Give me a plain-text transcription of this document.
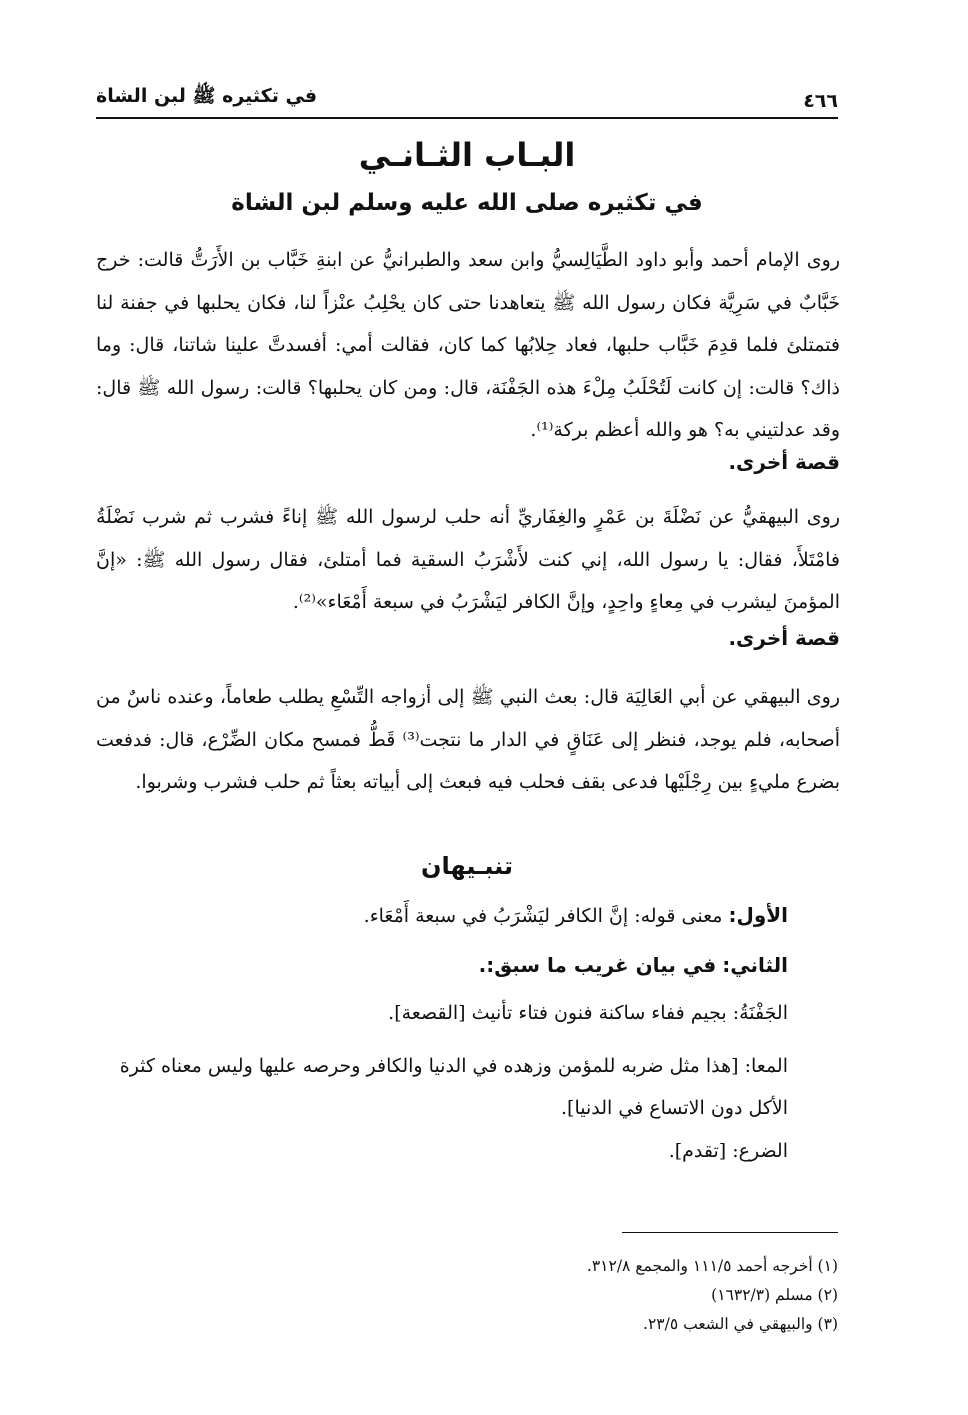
٤٦٦
في تكثيره ﷺ لبن الشاة
البـاب الثـانـي
في تكثيره صلى الله عليه وسلم لبن الشاة

روى الإمام أحمد وأبو داود الطَّيَالِسيُّ وابن سعد والطبرانيُّ عن ابنةِ خَبَّاب بن الأَرَتُّ قالت: خرج خَبَّابٌ في سَرِيَّة فكان رسول الله ﷺ يتعاهدنا حتى كان يحْلِبُ عنْزاً لنا، فكان يحلبها في جفنة لنا فتمتلئ فلما قدِمَ خَبَّاب حلبها، فعاد حِلابُها كما كان، فقالت أمي: أفسدتَّ علينا شاتنا، قال: وما ذاك؟ قالت: إن كانت لَتُحْلَبُ مِلْءَ هذه الجَفْنَة، قال: ومن كان يحلبها؟ قالت: رسول الله ﷺ قال: وقد عدلتيني به؟ هو والله أعظم بركة⁽¹⁾.

قصة أخرى.

روى البيهقيُّ عن نَضْلَةَ بن عَمْرٍ والغِفَاريِّ أنه حلب لرسول الله ﷺ إناءً فشرب ثم شرب نَضْلَةُ فامْتَلأَ، فقال: يا رسول الله، إني كنت لأَشْرَبُ السقية فما أمتلئ، فقال رسول الله ﷺ: «إنَّ المؤمنَ ليشرب في مِعاءٍ واحِدٍ، وإنَّ الكافر ليَشْرَبُ في سبعة أَمْعَاء»⁽²⁾.

قصة أخرى.

روى البيهقي عن أبي العَالِيَة قال: بعث النبي ﷺ إلى أزواجه التِّسْعِ يطلب طعاماً، وعنده ناسٌ من أصحابه، فلم يوجد، فنظر إلى عَنَاقٍ في الدار ما نتجت⁽³⁾ قَطُّ فمسح مكان الضِّرْع، قال: فدفعت بضرع مليءٍ بين رِجْلَيْها فدعى بقف فحلب فيه فبعث إلى أبياته بعثاً ثم حلب فشرب وشربوا.

تنبـيهان

الأول: معنى قوله: إنَّ الكافر ليَشْرَبُ في سبعة أَمْعَاء.

الثاني: في بيان غريب ما سبق:.

الجَفْنَةُ: بجيم ففاء ساكنة فنون فتاء تأنيث [القصعة].

المعا: [هذا مثل ضربه للمؤمن وزهده في الدنيا والكافر وحرصه عليها وليس معناه كثرة الأكل دون الاتساع في الدنيا].

الضرع: [تقدم].

(١) أخرجه أحمد ١١١/٥ والمجمع ٣١٢/٨.

(٢) مسلم (١٦٣٢/٣)

(٣) والبيهقي في الشعب ٢٣/٥.
